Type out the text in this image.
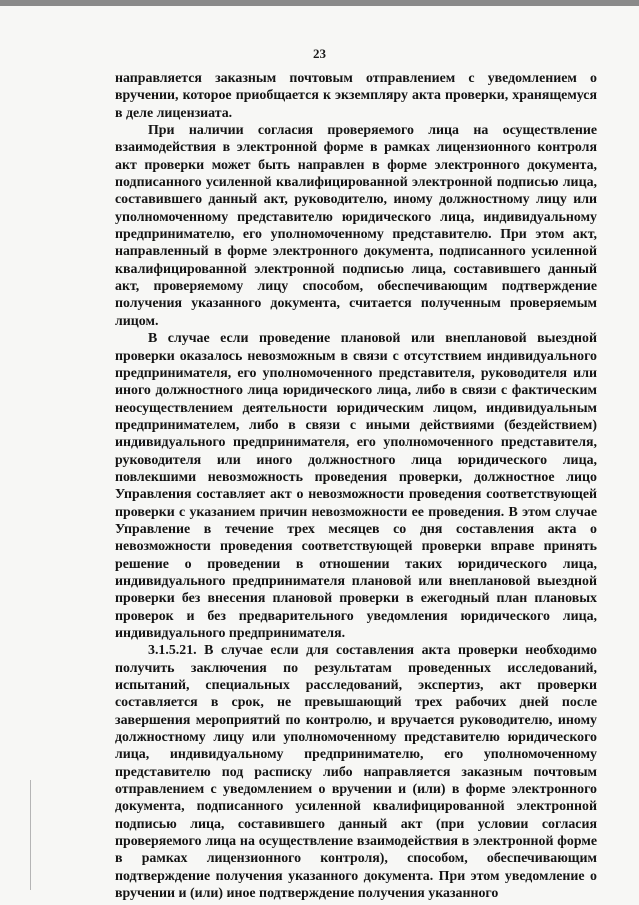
23

направляется заказным почтовым отправлением с уведомлением о вручении, которое приобщается к экземпляру акта проверки, хранящемуся в деле лицензиата.

При наличии согласия проверяемого лица на осуществление взаимодействия в электронной форме в рамках лицензионного контроля акт проверки может быть направлен в форме электронного документа, подписанного усиленной квалифицированной электронной подписью лица, составившего данный акт, руководителю, иному должностному лицу или уполномоченному представителю юридического лица, индивидуальному предпринимателю, его уполномоченному представителю. При этом акт, направленный в форме электронного документа, подписанного усиленной квалифицированной электронной подписью лица, составившего данный акт, проверяемому лицу способом, обеспечивающим подтверждение получения указанного документа, считается полученным проверяемым лицом.

В случае если проведение плановой или внеплановой выездной проверки оказалось невозможным в связи с отсутствием индивидуального предпринимателя, его уполномоченного представителя, руководителя или иного должностного лица юридического лица, либо в связи с фактическим неосуществлением деятельности юридическим лицом, индивидуальным предпринимателем, либо в связи с иными действиями (бездействием) индивидуального предпринимателя, его уполномоченного представителя, руководителя или иного должностного лица юридического лица, повлекшими невозможность проведения проверки, должностное лицо Управления составляет акт о невозможности проведения соответствующей проверки с указанием причин невозможности ее проведения. В этом случае Управление в течение трех месяцев со дня составления акта о невозможности проведения соответствующей проверки вправе принять решение о проведении в отношении таких юридического лица, индивидуального предпринимателя плановой или внеплановой выездной проверки без внесения плановой проверки в ежегодный план плановых проверок и без предварительного уведомления юридического лица, индивидуального предпринимателя.

3.1.5.21. В случае если для составления акта проверки необходимо получить заключения по результатам проведенных исследований, испытаний, специальных расследований, экспертиз, акт проверки составляется в срок, не превышающий трех рабочих дней после завершения мероприятий по контролю, и вручается руководителю, иному должностному лицу или уполномоченному представителю юридического лица, индивидуальному предпринимателю, его уполномоченному представителю под расписку либо направляется заказным почтовым отправлением с уведомлением о вручении и (или) в форме электронного документа, подписанного усиленной квалифицированной электронной подписью лица, составившего данный акт (при условии согласия проверяемого лица на осуществление взаимодействия в электронной форме в рамках лицензионного контроля), способом, обеспечивающим подтверждение получения указанного документа. При этом уведомление о вручении и (или) иное подтверждение получения указанного
